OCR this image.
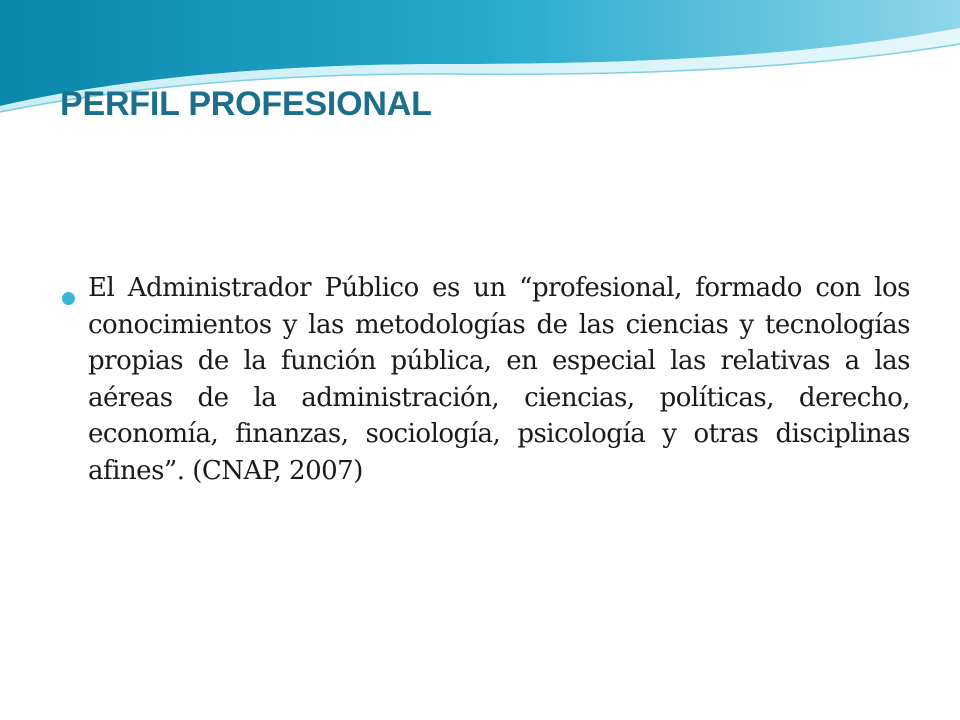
PERFIL PROFESIONAL

El Administrador Público es un “profesional, formado con los conocimientos y las metodologías de las ciencias y tecnologías propias de la función pública, en especial las relativas a las aéreas de la administración, ciencias, políticas, derecho, economía, finanzas, sociología, psicología y otras disciplinas afines”. (CNAP, 2007)
